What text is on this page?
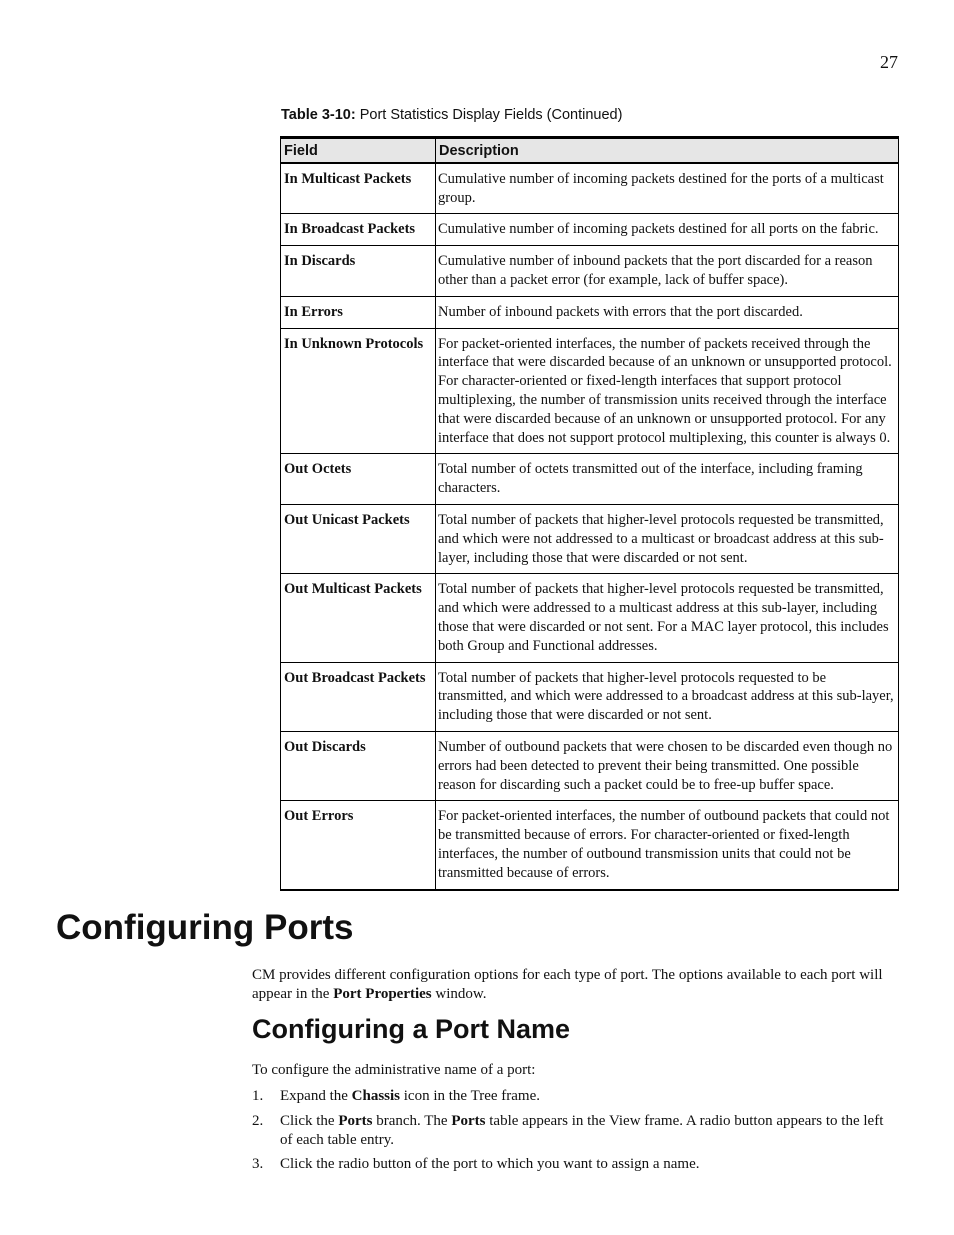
27
Table 3-10: Port Statistics Display Fields (Continued)
Field	Description
In Multicast Packets	Cumulative number of incoming packets destined for the ports of a multicast group.
In Broadcast Packets	Cumulative number of incoming packets destined for all ports on the fabric.
In Discards	Cumulative number of inbound packets that the port discarded for a reason other than a packet error (for example, lack of buffer space).
In Errors	Number of inbound packets with errors that the port discarded.
In Unknown Protocols	For packet-oriented interfaces, the number of packets received through the interface that were discarded because of an unknown or unsupported protocol. For character-oriented or fixed-length interfaces that support protocol multiplexing, the number of transmission units received through the interface that were discarded because of an unknown or unsupported protocol. For any interface that does not support protocol multiplexing, this counter is always 0.
Out Octets	Total number of octets transmitted out of the interface, including framing characters.
Out Unicast Packets	Total number of packets that higher-level protocols requested be transmitted, and which were not addressed to a multicast or broadcast address at this sub-layer, including those that were discarded or not sent.
Out Multicast Packets	Total number of packets that higher-level protocols requested be transmitted, and which were addressed to a multicast address at this sub-layer, including those that were discarded or not sent. For a MAC layer protocol, this includes both Group and Functional addresses.
Out Broadcast Packets	Total number of packets that higher-level protocols requested to be transmitted, and which were addressed to a broadcast address at this sub-layer, including those that were discarded or not sent.
Out Discards	Number of outbound packets that were chosen to be discarded even though no errors had been detected to prevent their being transmitted. One possible reason for discarding such a packet could be to free-up buffer space.
Out Errors	For packet-oriented interfaces, the number of outbound packets that could not be transmitted because of errors. For character-oriented or fixed-length interfaces, the number of outbound transmission units that could not be transmitted because of errors.
Configuring Ports

CM provides different configuration options for each type of port. The options available to each port will appear in the Port Properties window.

Configuring a Port Name

To configure the administrative name of a port:

1. Expand the Chassis icon in the Tree frame.
2. Click the Ports branch. The Ports table appears in the View frame. A radio button appears to the left of each table entry.
3. Click the radio button of the port to which you want to assign a name.
